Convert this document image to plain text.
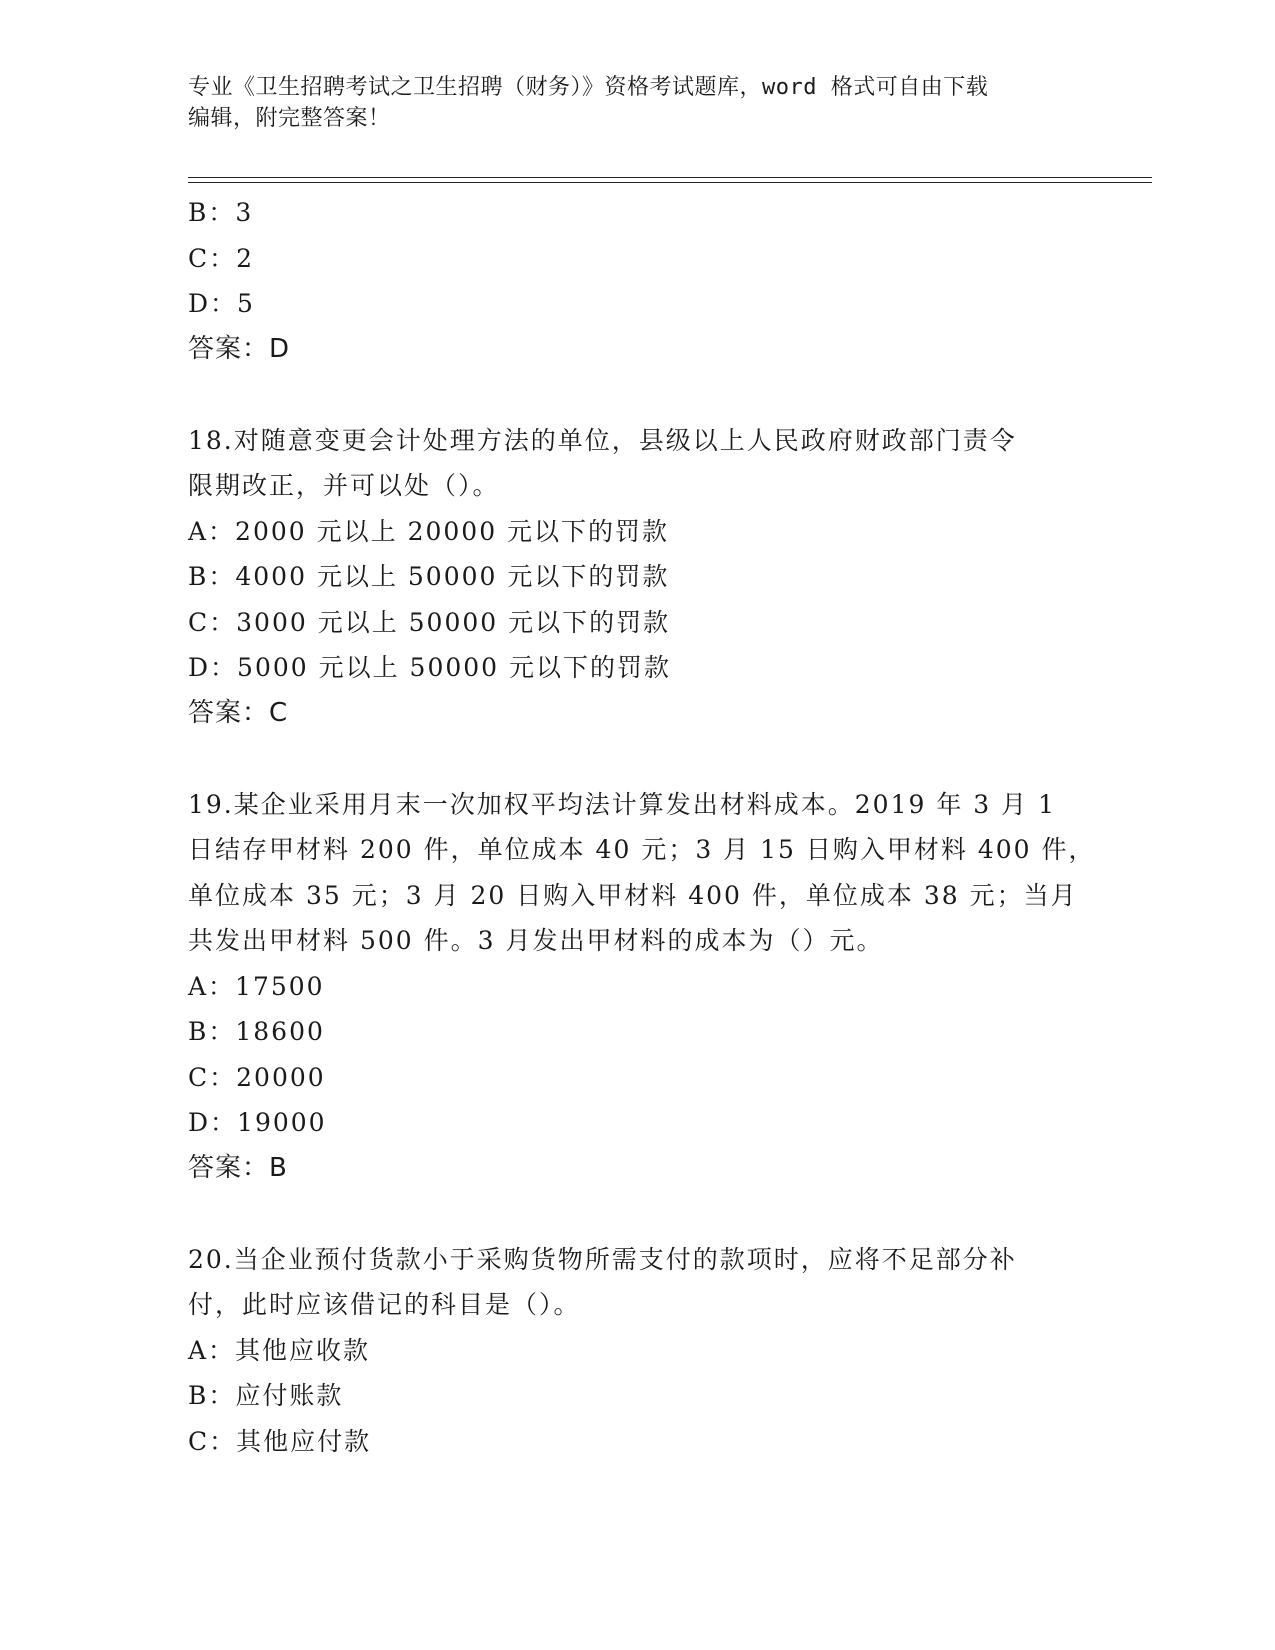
专业《卫生招聘考试之卫生招聘（财务）》资格考试题库，word 格式可自由下载
编辑，附完整答案！
B：3
C：2
D：5
答案：D
18.对随意变更会计处理方法的单位，县级以上人民政府财政部门责令
限期改正，并可以处（）。
A：2000 元以上 20000 元以下的罚款
B：4000 元以上 50000 元以下的罚款
C：3000 元以上 50000 元以下的罚款
D：5000 元以上 50000 元以下的罚款
答案：C
19.某企业采用月末一次加权平均法计算发出材料成本。2019 年 3 月 1
日结存甲材料 200 件，单位成本 40 元；3 月 15 日购入甲材料 400 件，
单位成本 35 元；3 月 20 日购入甲材料 400 件，单位成本 38 元；当月
共发出甲材料 500 件。3 月发出甲材料的成本为（）元。
A：17500
B：18600
C：20000
D：19000
答案：B
20.当企业预付货款小于采购货物所需支付的款项时，应将不足部分补
付，此时应该借记的科目是（）。
A：其他应收款
B：应付账款
C：其他应付款
